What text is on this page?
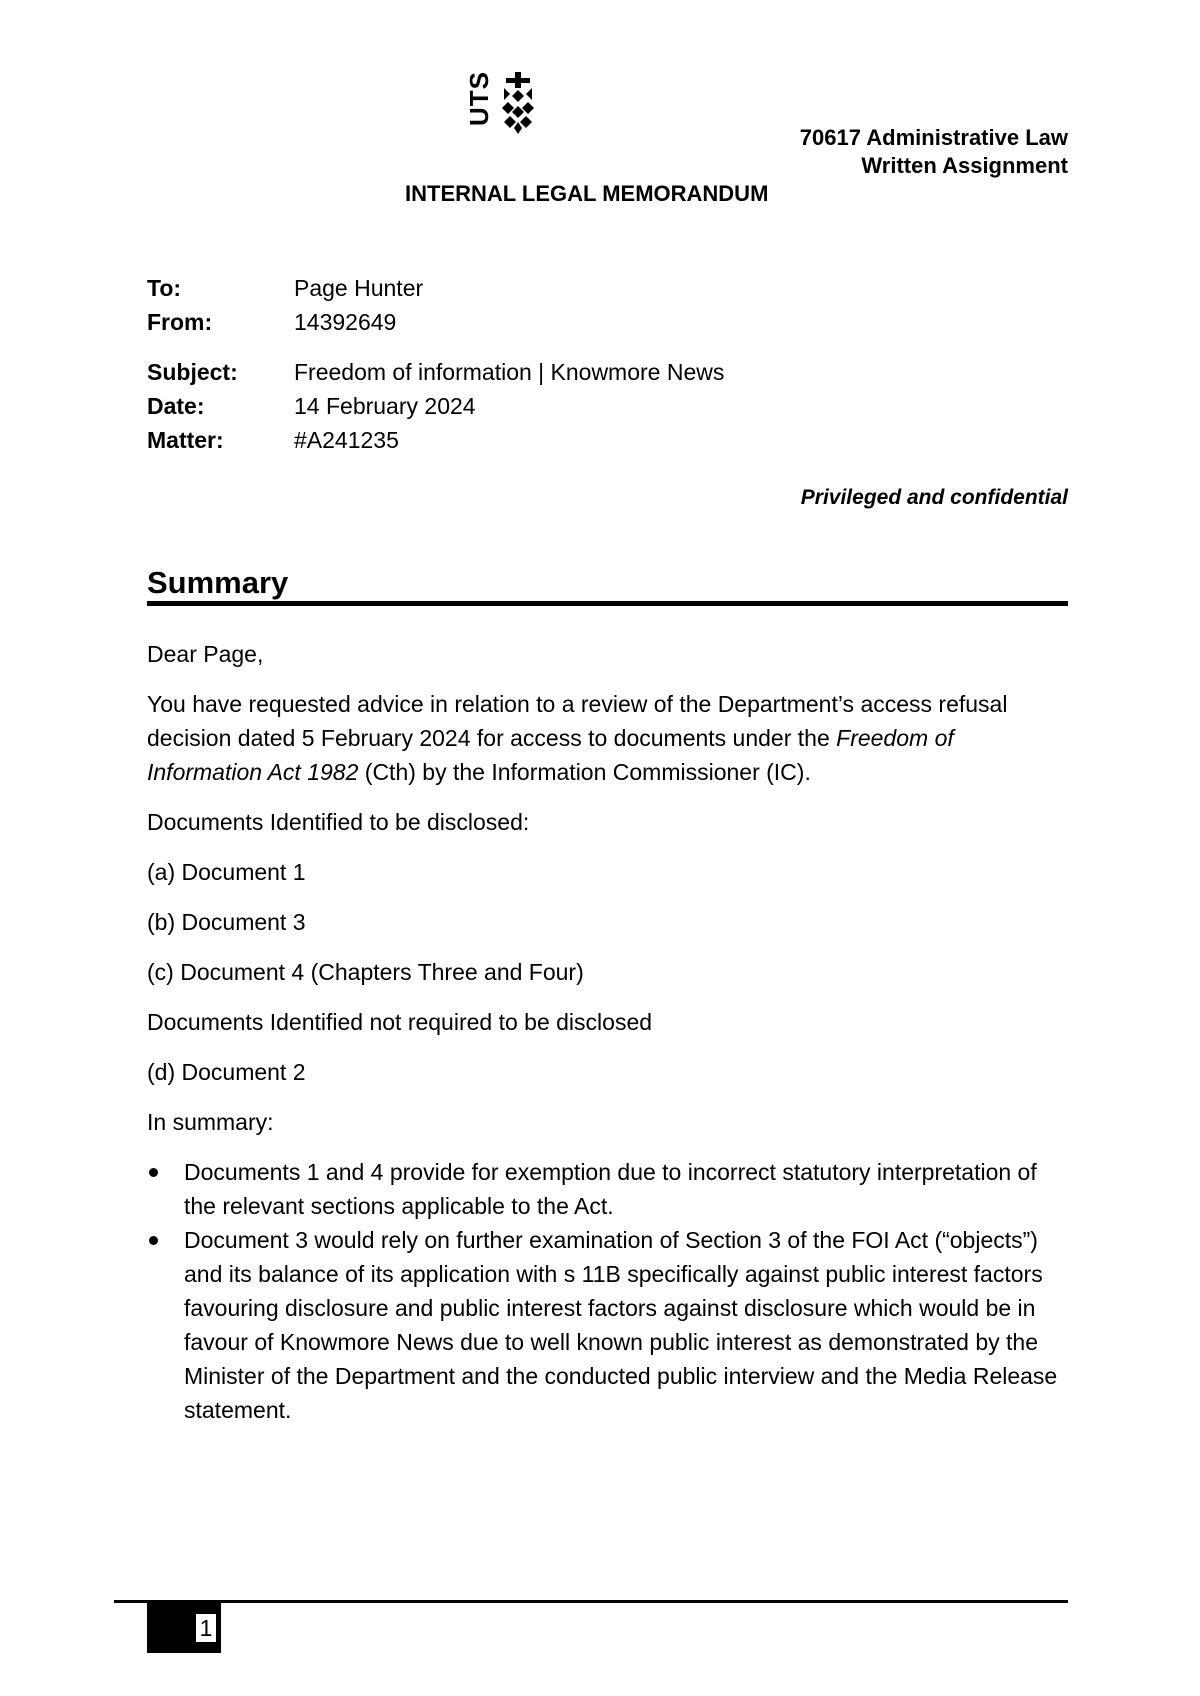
UTS
70617 Administrative Law
Written Assignment
INTERNAL LEGAL MEMORANDUM
To:	Page Hunter
From:	14392649
Subject: Freedom of information | Knowmore News
Date:	14 February 2024
Matter:	#A241235
Privileged and confidential
Summary

Dear Page,

You have requested advice in relation to a review of the Department’s access refusal decision dated 5 February 2024 for access to documents under the Freedom of Information Act 1982 (Cth) by the Information Commissioner (IC).

Documents Identified to be disclosed:

(a) Document 1

(b) Document 3

(c) Document 4 (Chapters Three and Four)

Documents Identified not required to be disclosed

(d) Document 2

In summary:

Documents 1 and 4 provide for exemption due to incorrect statutory interpretation of the relevant sections applicable to the Act.
Document 3 would rely on further examination of Section 3 of the FOI Act (“objects”) and its balance of its application with s 11B specifically against public interest factors favouring disclosure and public interest factors against disclosure which would be in favour of Knowmore News due to well known public interest as demonstrated by the Minister of the Department and the conducted public interview and the Media Release statement.
1
